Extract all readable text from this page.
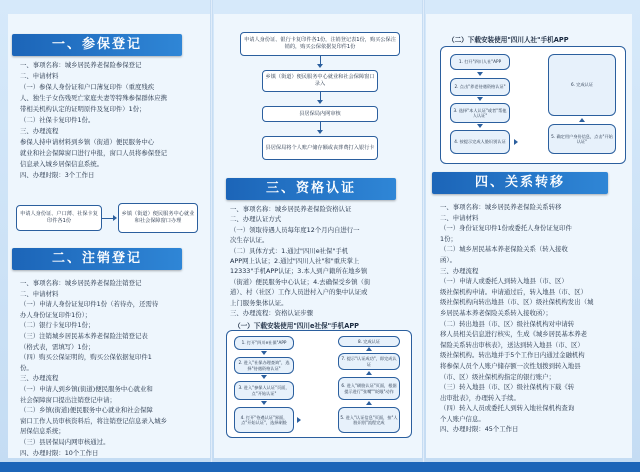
一、参保登记

一、事项名称：城乡居民养老保险参保登记

二、申请材料

（一）参保人身份证和户口薄复印件（重度残疾

人、独生子女伤残死亡家庭夫妻等特殊参保群体应携

带相关机构认定的证明原件及复印件）1份；

（二）社保卡复印件1份。

三、办理流程

参保人持申请材料到乡镇（街道）便民服务中心

就业和社会保障窗口进行申报，窗口人员将参保登记

信息录入城乡居保信息系统。

四、办理时限：3个工作日

申请人身份证、户口薄、社保卡复印件各1份
乡镇（街道）便民服务中心就业和社会保障窗口办理
二、注销登记

一、事项名称：城乡居民养老保险注销登记

二、申请材料

（一）申请人身份证复印件1份（若待办，还需待

办人身份证复印件1份）；

（二）银行卡复印件1份；

（三）注销城乡居民基本养老保险注销登记表

（格式表，需填写）1份；

（四）购买公保证明的，购买公保依据复印件1

份。

三、办理流程

（一）申请人到乡镇(街道)便民服务中心就业和

社会保障窗口提出注销登记申请；

（二）乡镇(街道)便民服务中心就业和社会保障

窗口工作人员审核资料后，将注销登记信息录入城乡

居保信息系统；

（三）县居保局内网审核通过。

四、办理时限：10个工作日

申请人身份证、银行卡复印件各1份，注销登记表1份，购买公保注销的，购买公保依据复印件1份
乡镇（街道）便民服务中心就业和社会保障窗口录入
县居保局内网审核
县居保局将个人账户储存额或丧葬费打入银行卡
三、资格认证

一、事项名称：城乡居民养老保险资格认证

二、办理认证方式

（一）领取待遇人员每年度12个月内自进行一

次生存认证。

（二）具体方式：1.通过"四川e社保"手机

APP网上认证；2.通过"四川人社"和"重庆掌上

12333"手机APP认证；3.本人到户籍所在地乡镇

（街道）便民服务中心认证；4.去确保受乡镇（街

道）、村（社区）工作人员进村入户的集中认证或

上门服务集体认证。

三、办理流程：资格认证步骤

（一）下载安装使用"四川e社保"手机APP
1. 打开"四川e社保"APP
2. 进入"社保办理查询"，选择"待遇资格认证"
3. 进入"参保人认证"页面，点"开始认证"
4. 打开"待遇认证"界面，点"开始认证"，选择刷脸
5. 进入"认证信息"页面，按"人脸识别"流程完成
6. 进入"刷脸认证"页面，根据提示进行"张嘴""眨眼"动作
7. 提示"认证成功"，即完成认证
8. 完成认证
（二）下载安装使用"四川人社"手机APP
1. 打开"四川人社"APP
2. 点击"养老待遇资格认证"
3. 选择"本人认证"或者"帮他人认证"
4. 按提示完成人脸识别认证
5. 确定用户身份信息，点击"开始认证"
6. 完成认证
四、关系转移

一、事项名称：城乡居民养老保险关系转移

二、申请材料

（一）身份证复印件1份或委托人身份证复印件

1份；

（二）城乡居民基本养老保险关系（转入接收

函）。

三、办理流程

（一）申请人或委托人到转入地县（市、区）

级社保机构申请。申请通过后，转入地县（市、区）

级社保机构向转出地县（市、区）级社保机构发出（城

乡居民基本养老保险关系转入接收函）；

（二）转出地县（市、区）级社保机构对申请转

移人员相关信息进行核实，生成《城乡居民基本养老

保险关系转出审核表》，送达到转入地县（市、区）

级社保机构。转出地并于5个工作日内通过金融机构

将参保人员个人账户储存额一次性划拨到转入地县

（市、区）级社保机构指定的银行账户；

（三）转入地县（市、区）级社保机构下载《转

出审批表》，办理转入手续。

（四）转入人员或委托人到转入地社保机构查询

个人账户信息。

四、办理时限：45个工作日
